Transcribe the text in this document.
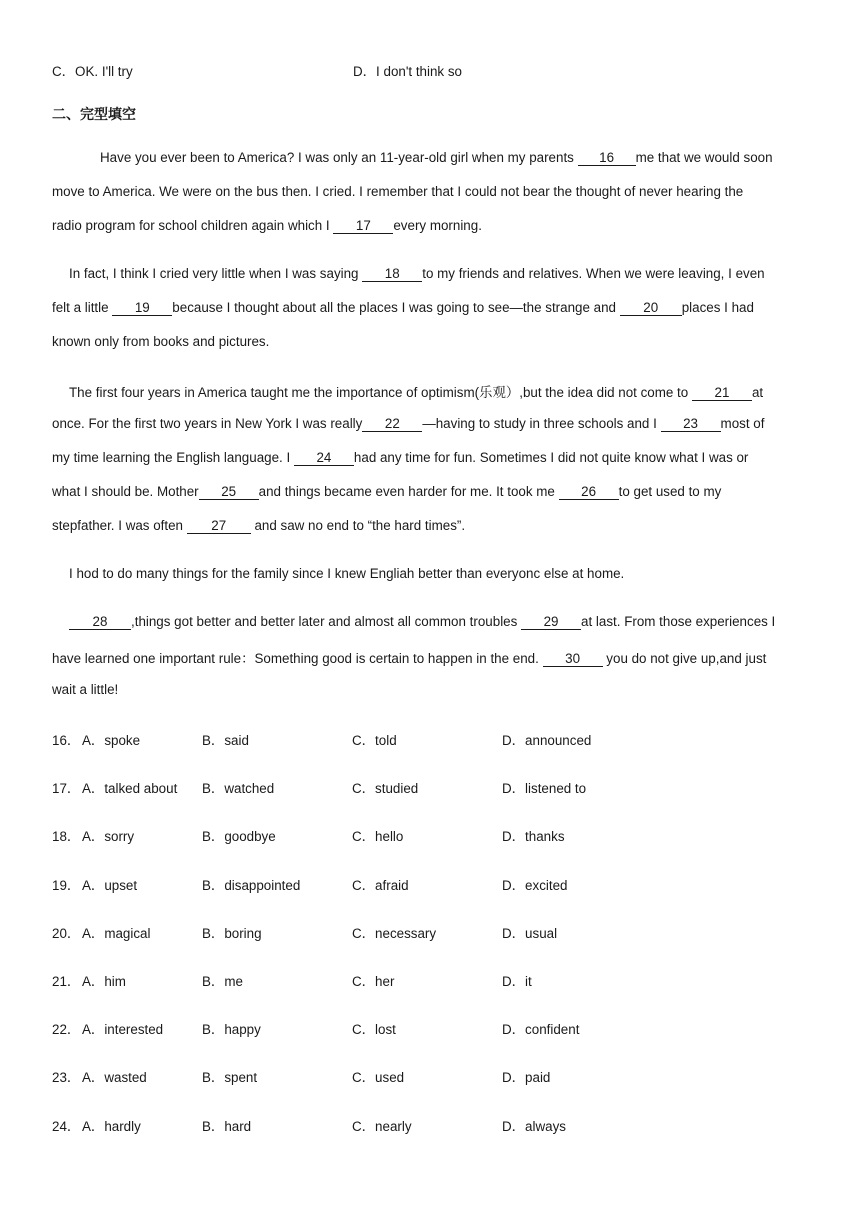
C．OK. I'll try	D．I don't think so
二、完型填空
Have you ever been to America? I was only an 11-year-old girl when my parents 16 me that we would soon
move to America. We were on the bus then. I cried. I remember that I could not bear the thought of never hearing the
radio program for school children again which I 17 every morning.
In fact, I think I cried very little when I was saying 18 to my friends and relatives. When we were leaving, I even
felt a little 19 because I thought about all the places I was going to see—the strange and 20 places I had
known only from books and pictures.
The first four years in America taught me the importance of optimism(乐观）,but the idea did not come to 21 at
once. For the first two years in New York I was really 22 —having to study in three schools and I 23 most of
my time learning the English language. I 24 had any time for fun. Sometimes I did not quite know what I was or
what I should be. Mother 25 and things became even harder for me. It took me 26 to get used to my
stepfather. I was often 27 and saw no end to “the hard times”.
I hod to do many things for the family since I knew Engliah better than everyonc else at home.
28 ,things got better and better later and almost all common troubles 29 at last. From those experiences I
have learned one important rule：Something good is certain to happen in the end. 30 you do not give up,and just
wait a little!
16． A．spoke	B．said	C．told	D．announced
17． A．talked about B．watched	C．studied	D．listened to
18． A．sorry	B．goodbye	C．hello	D．thanks
19． A．upset	B．disappointed	C．afraid	D．excited
20． A．magical	B．boring	C．necessary	D．usual
21． A．him	B．me	C．her	D．it
22． A．interested	B．happy	C．lost	D．confident
23． A．wasted	B．spent	C．used	D．paid
24． A．hardly	B．hard	C．nearly	D．always
